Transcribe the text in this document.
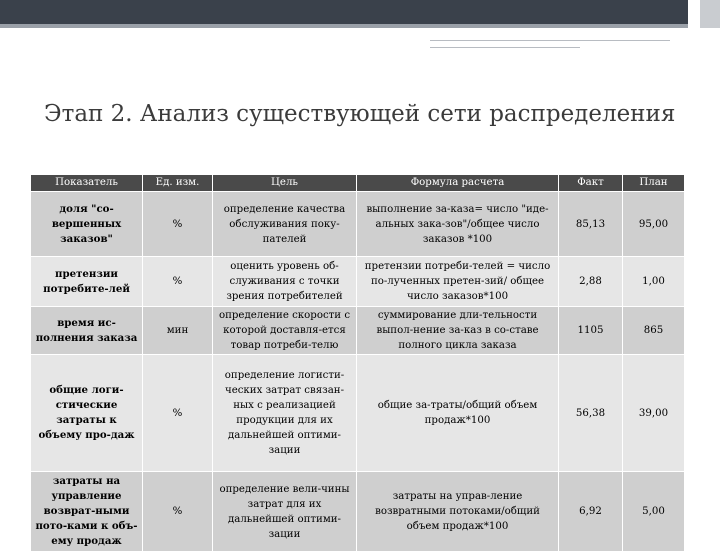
Этап 2. Анализ существующей сети распределения
Показатель	Ед. изм.	Цель	Формула расчета	Факт	План
доля "со-вершенных заказов"	%	определение качества обслуживания поку-пателей	выполнение за-каза= число "иде-альных зака-зов"/общее число заказов *100	85,13	95,00
претензии потребите-лей	%	оценить уровень об-служивания с точки зрения потребителей	претензии потреби-телей = число по-лученных претен-зий/ общее число заказов*100	2,88	1,00
время ис-полнения заказа	мин	определение скорости с которой доставля-ется товар потреби-телю	суммирование дли-тельности выпол-нение за-каз в со-ставе полного цикла заказа	1105	865
общие логи-стические затраты к объему про-даж	%	определение логисти-ческих затрат связан-ных с реализацией продукции для их дальнейшей оптими-зации	общие за-траты/общий объем продаж*100	56,38	39,00
затраты на управление возврат-ными пото-ками к объ-ему продаж	%	определение вели-чины затрат для их дальнейшей оптими-зации	затраты на управ-ление возвратными потоками/общий объем продаж*100	6,92	5,00
